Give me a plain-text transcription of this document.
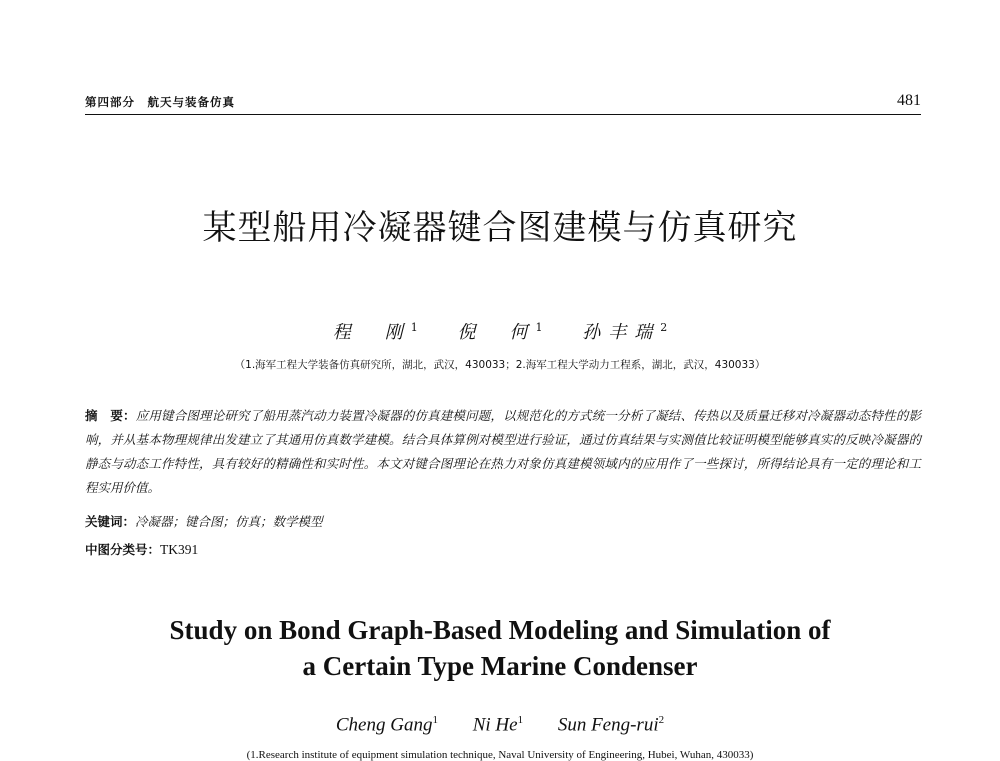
第四部分　航天与装备仿真	481
某型船用冷凝器键合图建模与仿真研究
程　刚$^1$ 倪　何$^1$ 孙丰瑞$^2$
（1.海军工程大学装备仿真研究所，湖北，武汉，430033；2.海军工程大学动力工程系，湖北，武汉，430033）
摘　要：应用键合图理论研究了船用蒸汽动力装置冷凝器的仿真建模问题，以规范化的方式统一分析了凝结、传热以及质量迁移对冷凝器动态特性的影响，并从基本物理规律出发建立了其通用仿真数学建模。结合具体算例对模型进行验证，通过仿真结果与实测值比较证明模型能够真实的反映冷凝器的静态与动态工作特性，具有较好的精确性和实时性。本文对键合图理论在热力对象仿真建模领域内的应用作了一些探讨，所得结论具有一定的理论和工程实用价值。
关键词：冷凝器；键合图；仿真；数学模型
中图分类号：TK391
Study on Bond Graph-Based Modeling and Simulation of
a Certain Type Marine Condenser
Cheng Gang$^1$ Ni He$^1$ Sun Feng-rui$^2$
(1.Research institute of equipment simulation technique, Naval University of Engineering, Hubei, Wuhan, 430033)
